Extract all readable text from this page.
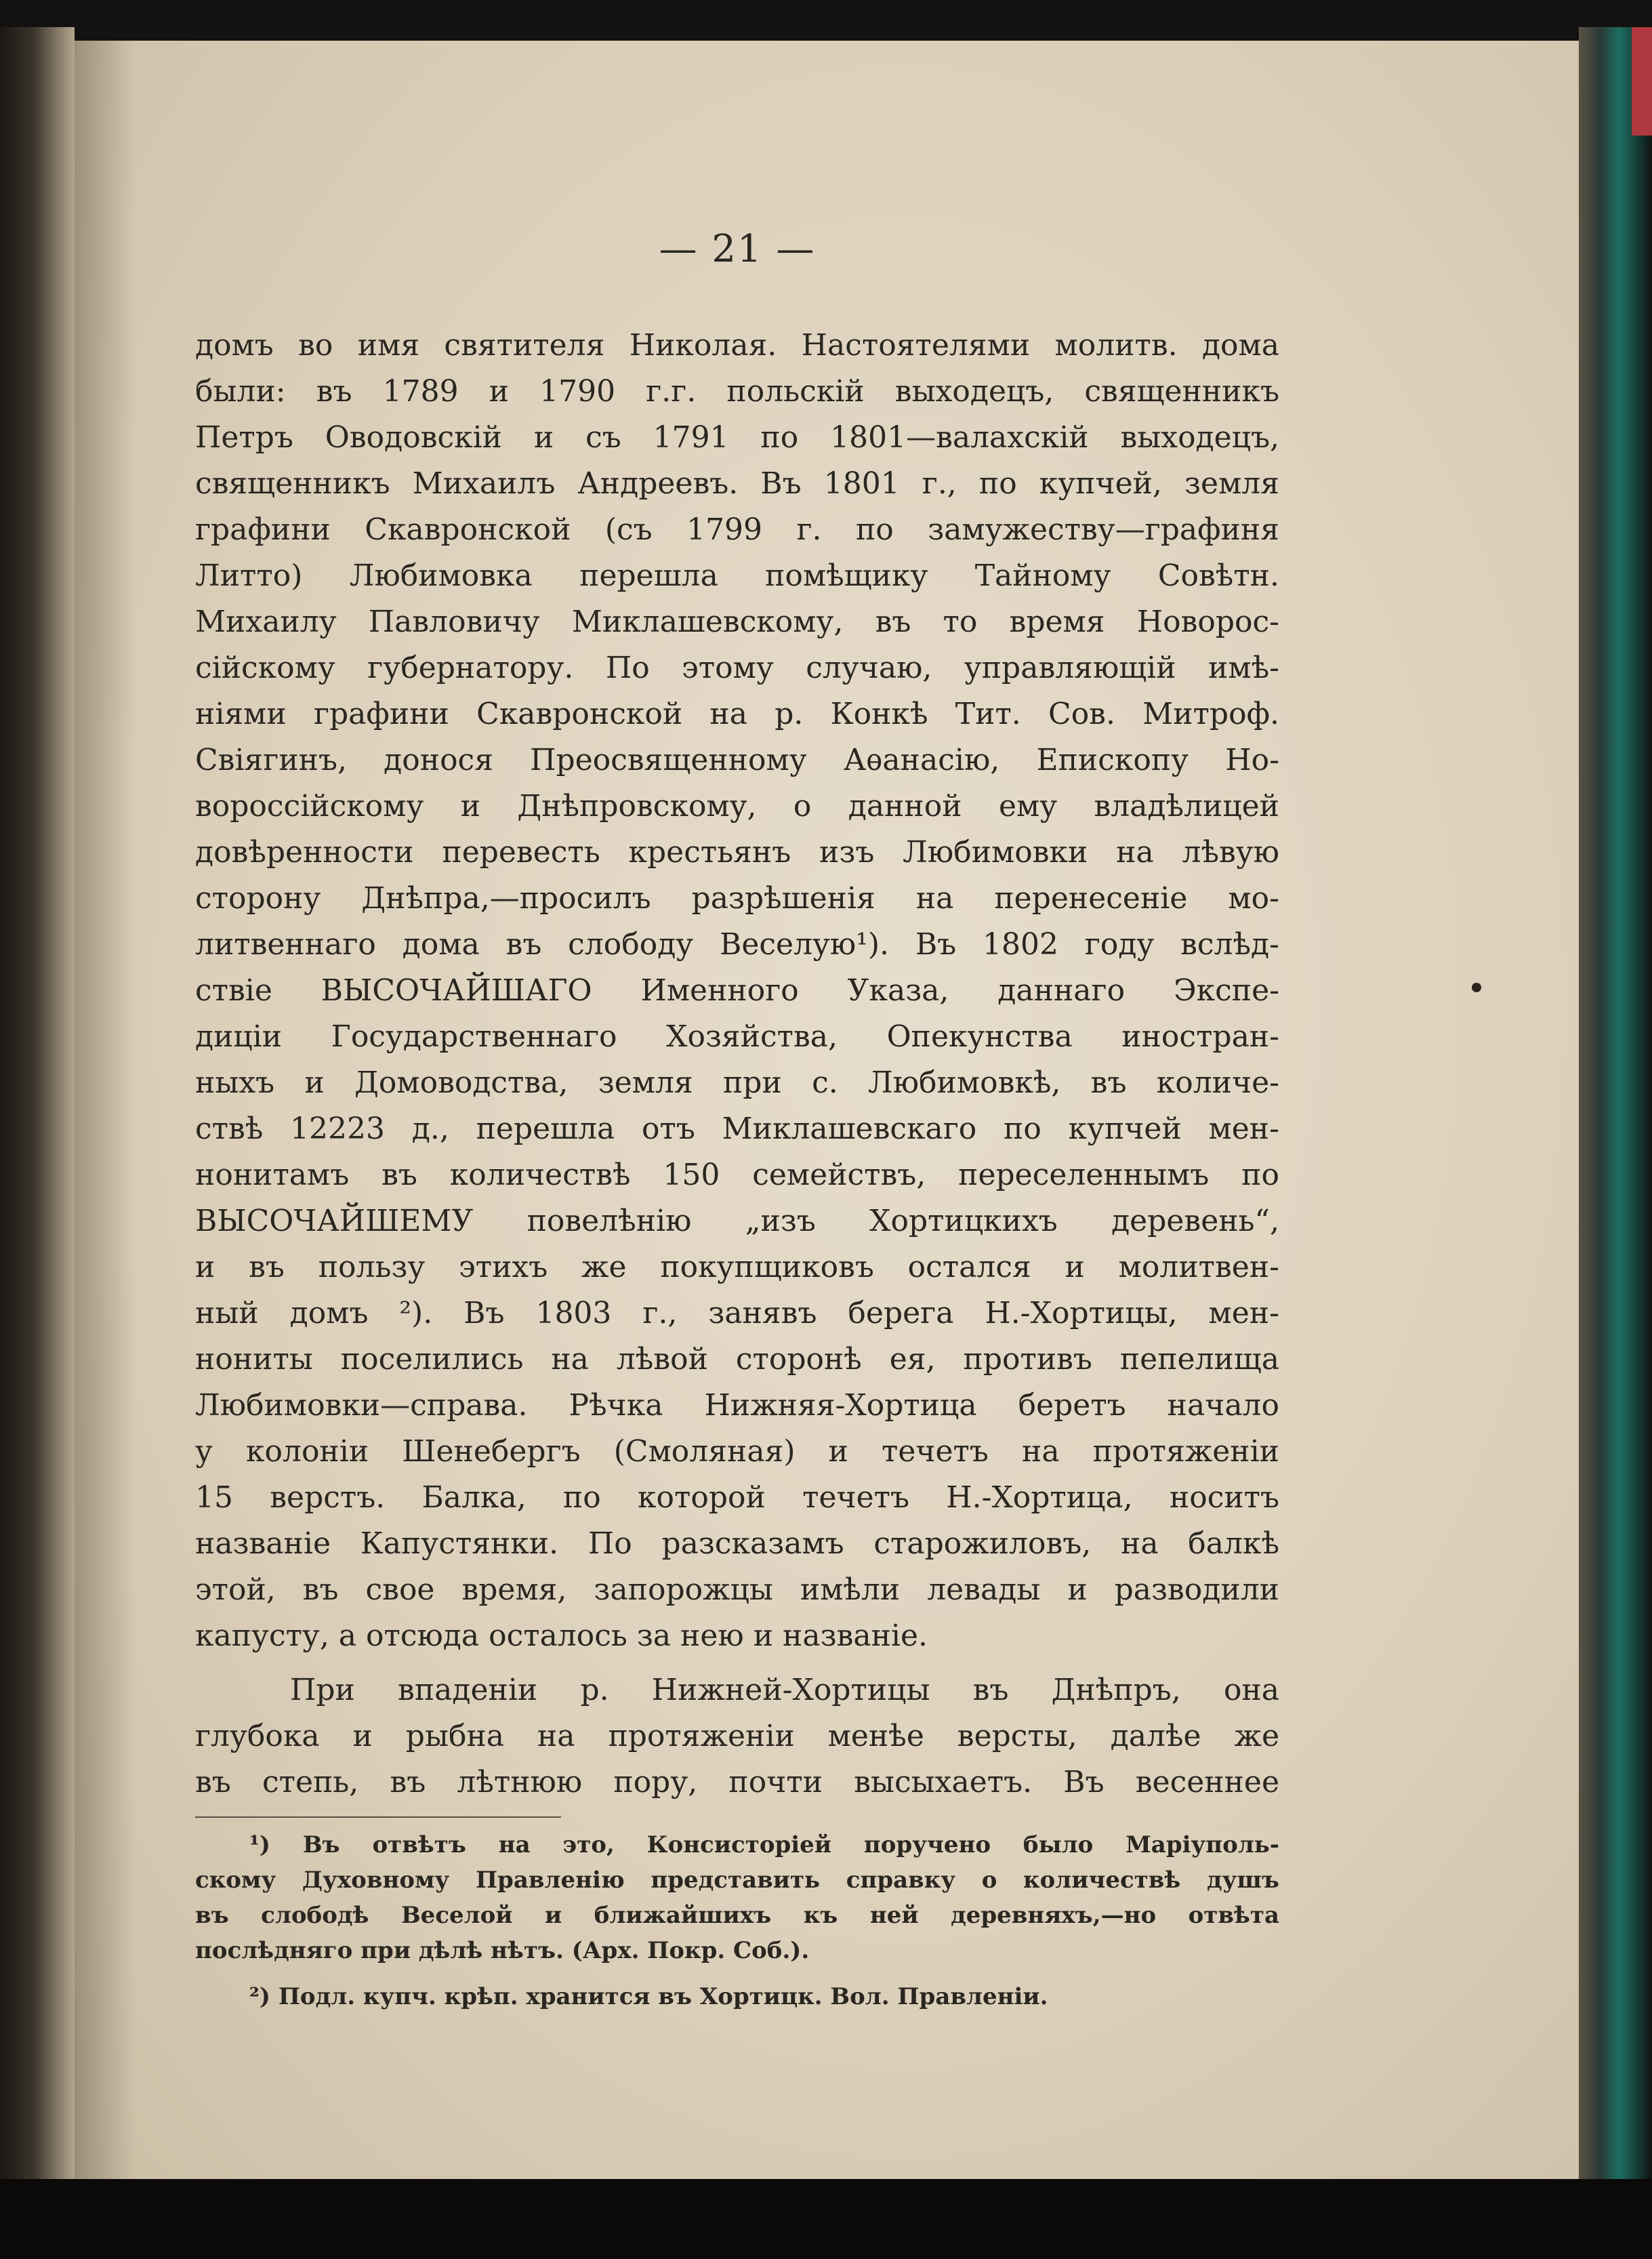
— 21 —
домъ во имя святителя Николая. Настоятелями молитв. дома
были: въ 1789 и 1790 г.г. польскій выходецъ, священникъ
Петръ Оводовскій и съ 1791 по 1801—валахскій выходецъ,
священникъ Михаилъ Андреевъ. Въ 1801 г., по купчей, земля
графини Скавронской (съ 1799 г. по замужеству—графиня
Литто) Любимовка перешла помѣщику Тайному Совѣтн.
Михаилу Павловичу Миклашевскому, въ то время Новорос-
сійскому губернатору. По этому случаю, управляющій имѣ-
ніями графини Скавронской на р. Конкѣ Тит. Сов. Митроф.
Свіягинъ, донося Преосвященному Аѳанасію, Епископу Но-
вороссійскому и Днѣпровскому, о данной ему владѣлицей
довѣренности перевесть крестьянъ изъ Любимовки на лѣвую
сторону Днѣпра,—просилъ разрѣшенія на перенесеніе мо-
литвеннаго дома въ слободу Веселую¹). Въ 1802 году вслѣд-
ствіе ВЫСОЧАЙШАГО Именного Указа, даннаго Экспе-
диціи Государственнаго Хозяйства, Опекунства иностран-
ныхъ и Домоводства, земля при с. Любимовкѣ, въ количе-
ствѣ 12223 д., перешла отъ Миклашевскаго по купчей мен-
нонитамъ въ количествѣ 150 семействъ, переселеннымъ по
ВЫСОЧАЙШЕМУ повелѣнію „изъ Хортицкихъ деревень“,
и въ пользу этихъ же покупщиковъ остался и молитвен-
ный домъ ²). Въ 1803 г., занявъ берега Н.-Хортицы, мен-
нониты поселились на лѣвой сторонѣ ея, противъ пепелища
Любимовки—справа. Рѣчка Нижняя-Хортица беретъ начало
у колоніи Шенебергъ (Смоляная) и течетъ на протяженіи
15 верстъ. Балка, по которой течетъ Н.-Хортица, носитъ
названіе Капустянки. По разсказамъ старожиловъ, на балкѣ
этой, въ свое время, запорожцы имѣли левады и разводили
капусту, а отсюда осталось за нею и названіе.
При впаденіи р. Нижней-Хортицы въ Днѣпръ, она
глубока и рыбна на протяженіи менѣе версты, далѣе же
въ степь, въ лѣтнюю пору, почти высыхаетъ. Въ весеннее
¹) Въ отвѣтъ на это, Консисторіей поручено было Маріуполь-
скому Духовному Правленію представить справку о количествѣ душъ
въ слободѣ Веселой и ближайшихъ къ ней деревняхъ,—но отвѣта
послѣдняго при дѣлѣ нѣтъ. (Арх. Покр. Соб.).
²) Подл. купч. крѣп. хранится въ Хортицк. Вол. Правленіи.
